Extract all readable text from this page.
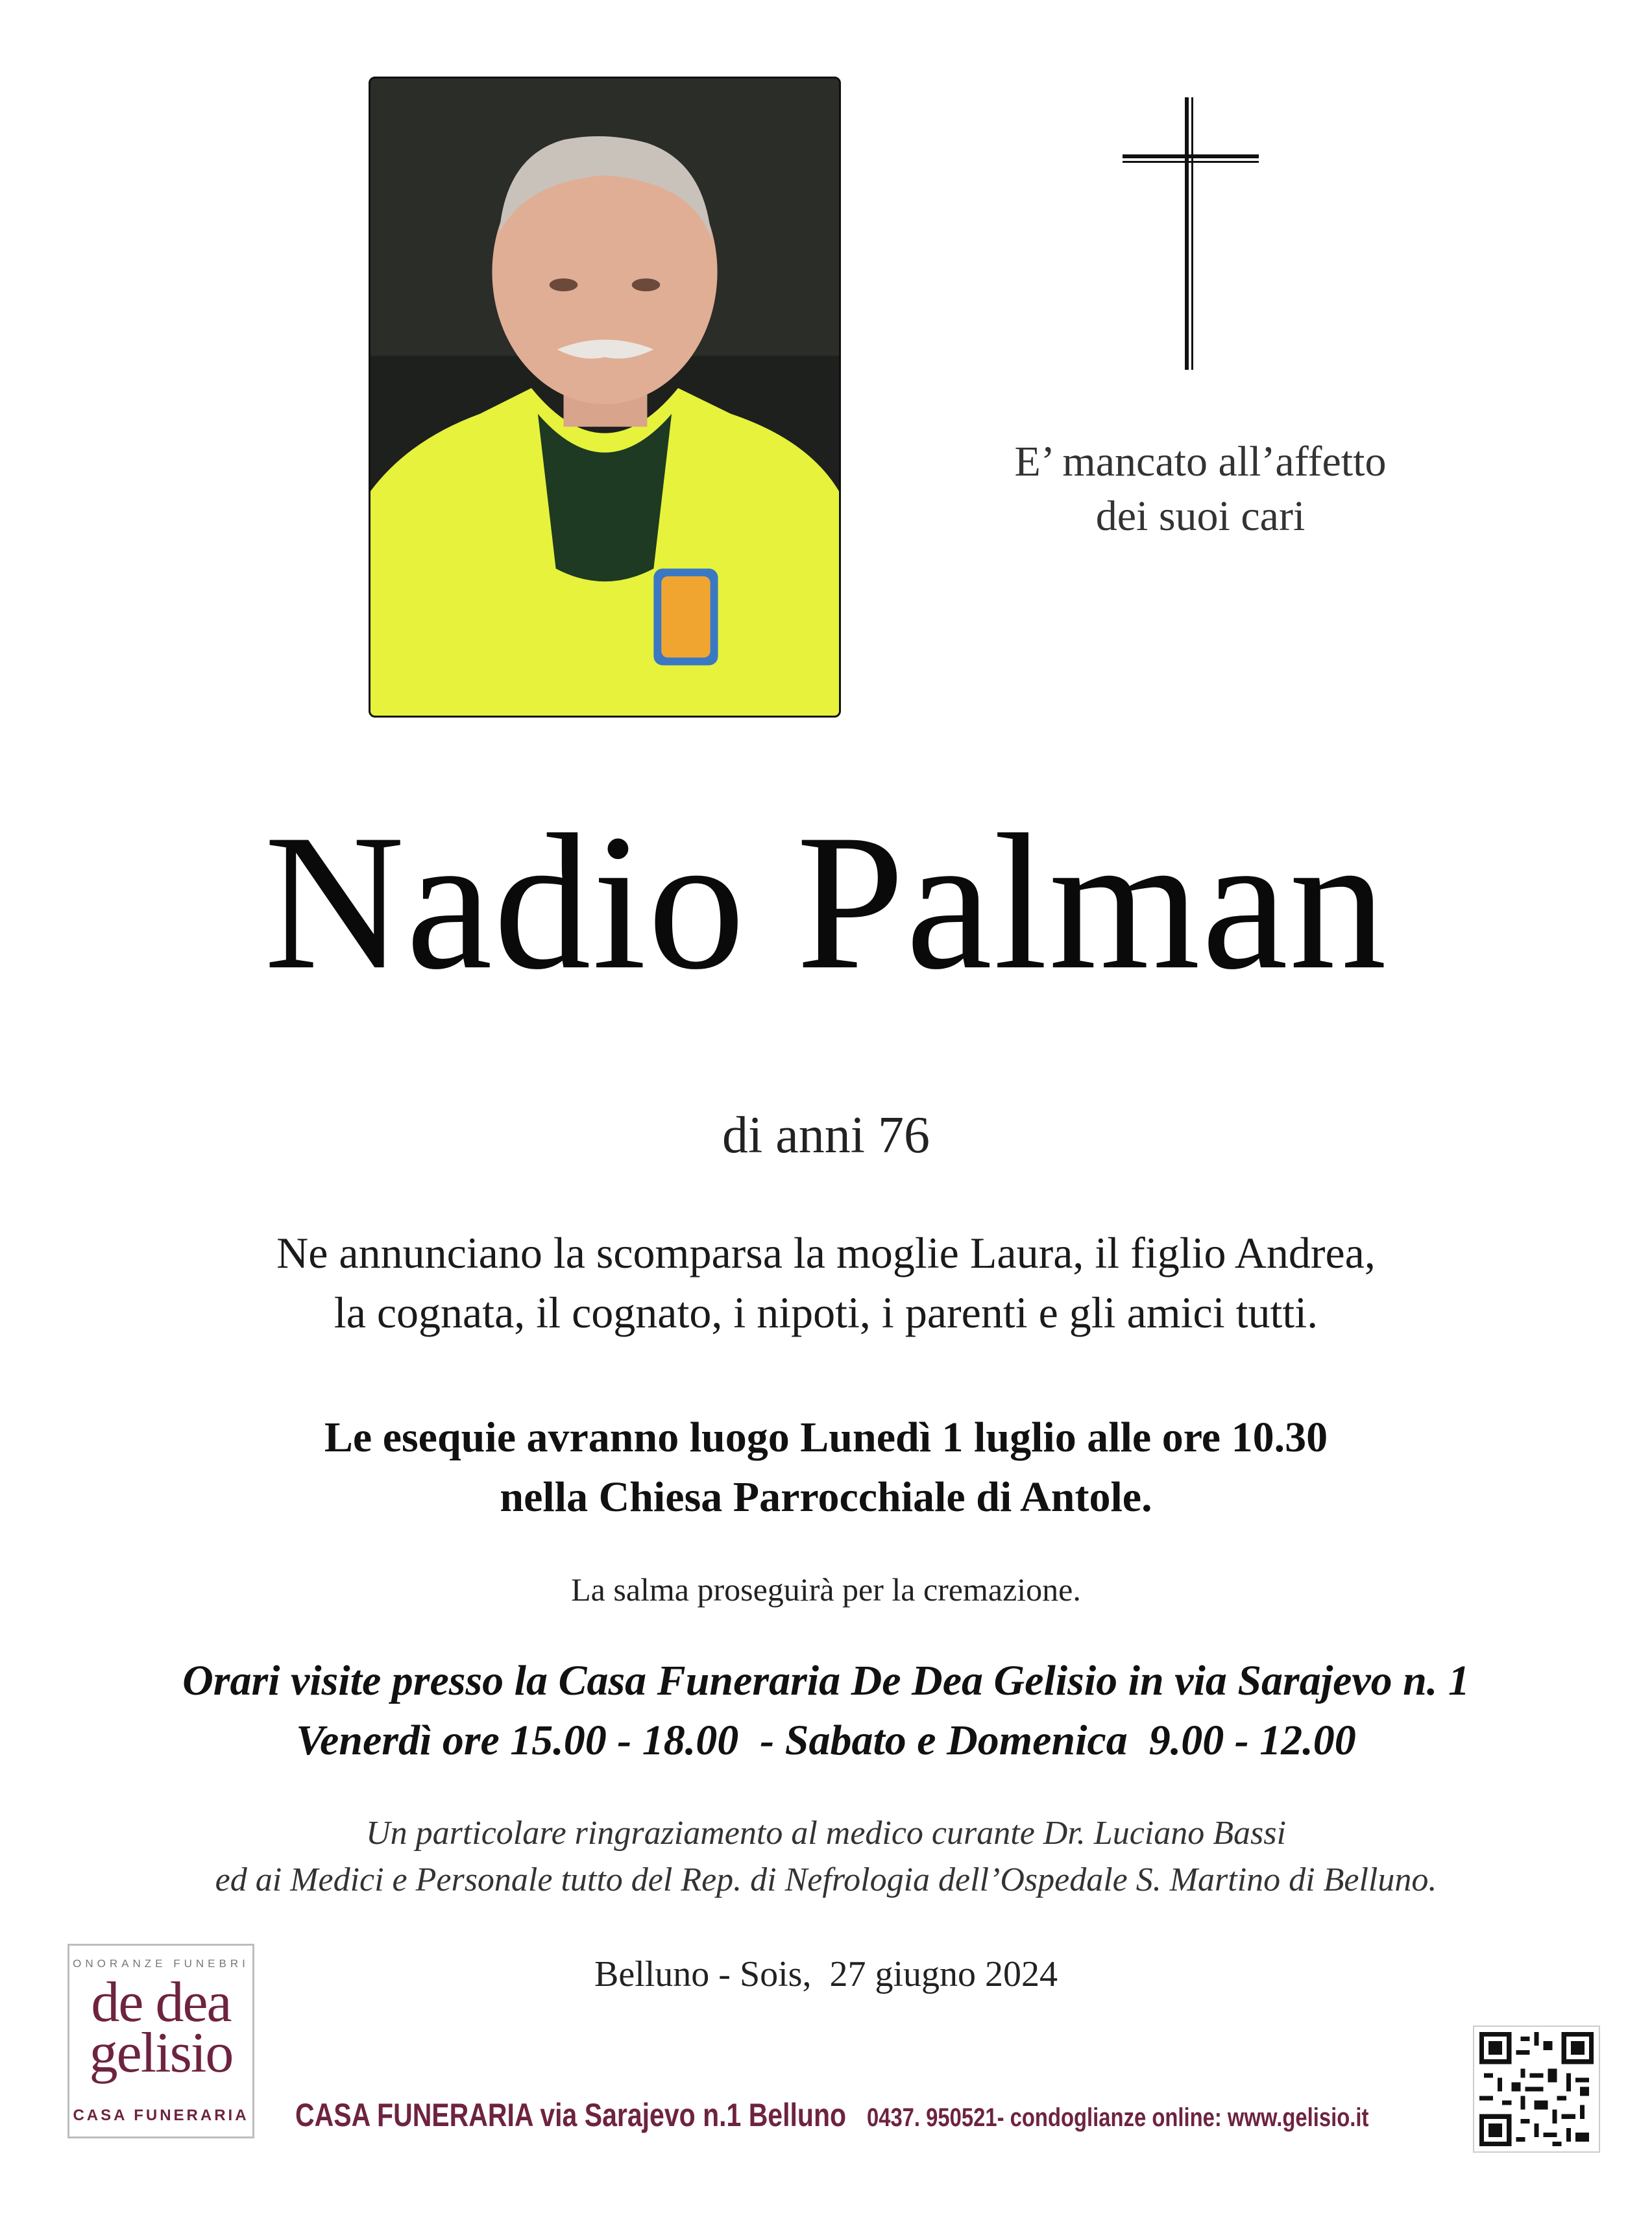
E’ mancato all’affetto
dei suoi cari
Nadio Palman
di anni 76
Ne annunciano la scomparsa la moglie Laura, il figlio Andrea,
la cognata, il cognato, i nipoti, i parenti e gli amici tutti.
Le esequie avranno luogo Lunedì 1 luglio alle ore 10.30
nella Chiesa Parrocchiale di Antole.
La salma proseguirà per la cremazione.
Orari visite presso la Casa Funeraria De Dea Gelisio in via Sarajevo n. 1
Venerdì ore 15.00 - 18.00  - Sabato e Domenica  9.00 - 12.00
Un particolare ringraziamento al medico curante Dr. Luciano Bassi
ed ai Medici e Personale tutto del Rep. di Nefrologia dell’Ospedale S. Martino di Belluno.
Belluno - Sois,  27 giugno 2024
ONORANZE FUNEBRI
de dea
gelisio
CASA FUNERARIA CASA FUNERARIA via Sarajevo n.1 Belluno 0437. 950521- condoglianze online: www.gelisio.it
